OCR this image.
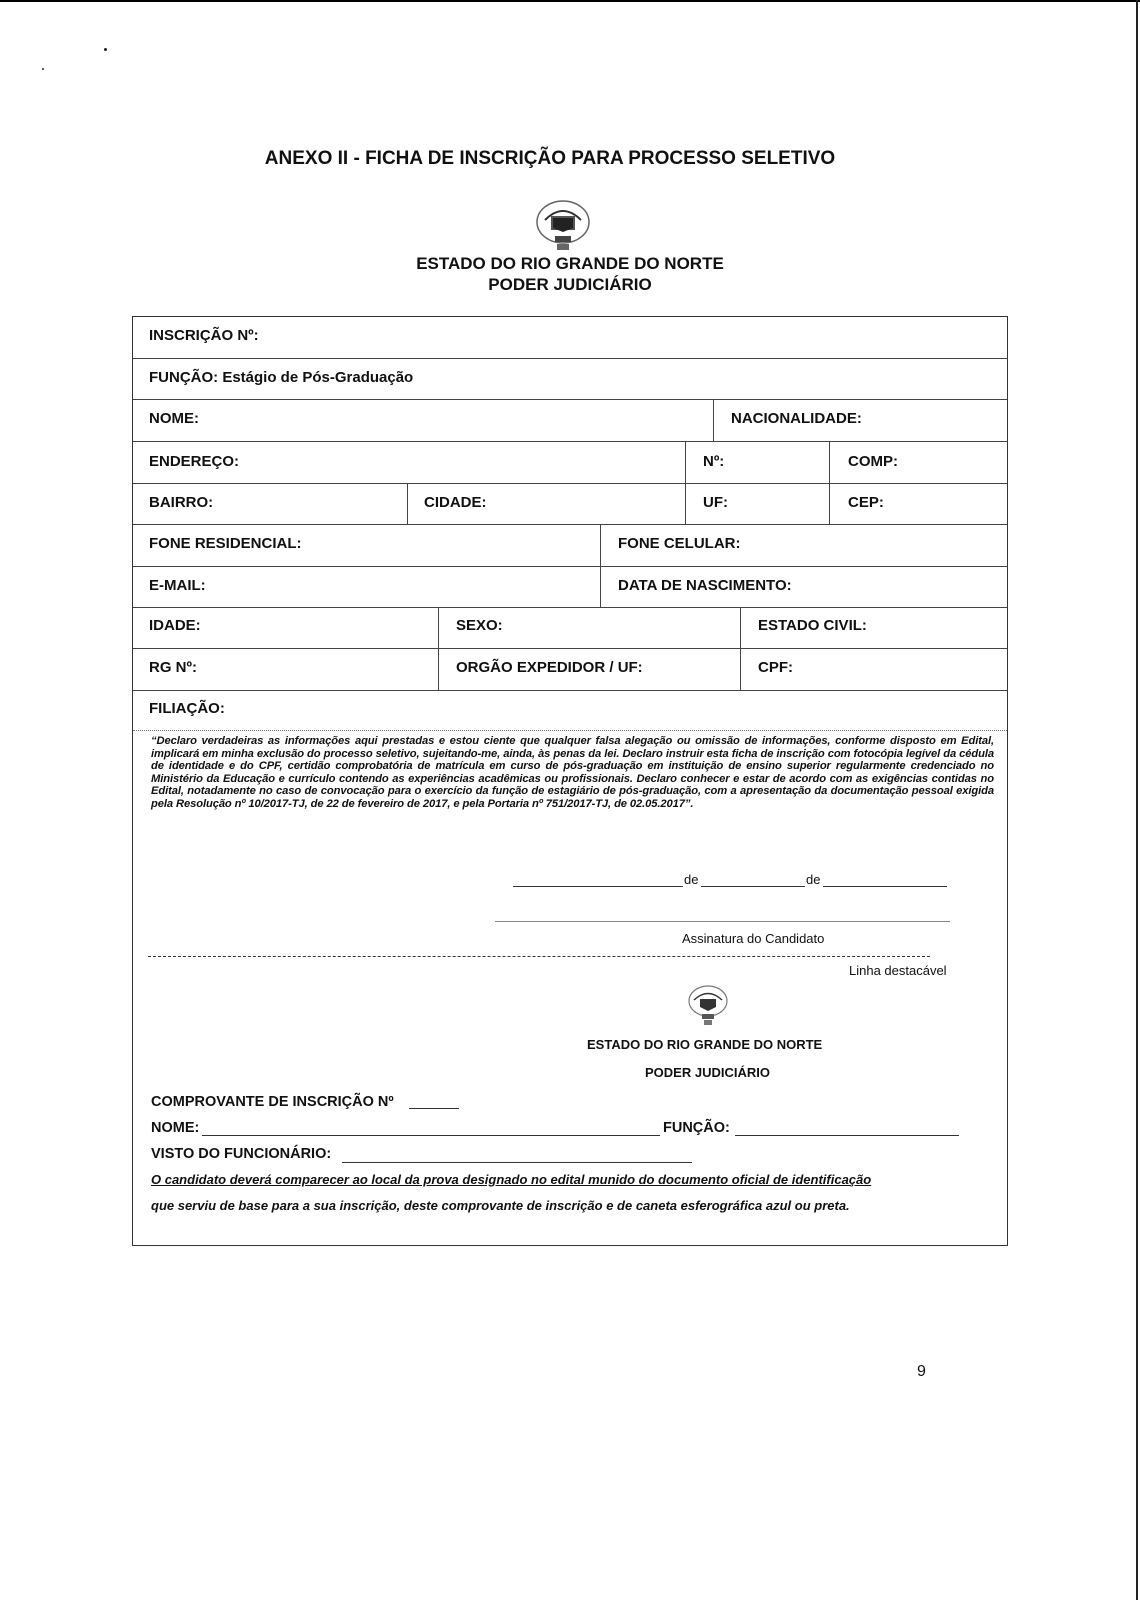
ANEXO II - FICHA DE INSCRIÇÃO PARA PROCESSO SELETIVO
ESTADO DO RIO GRANDE DO NORTE
PODER JUDICIÁRIO
INSCRIÇÃO Nº:
FUNÇÃO: Estágio de Pós-Graduação
NOME:	NACIONALIDADE:
ENDEREÇO:	Nº:	COMP:
BAIRRO:	CIDADE:	UF:	CEP:
FONE RESIDENCIAL:	FONE CELULAR:
E-MAIL:	DATA DE NASCIMENTO:
IDADE:	SEXO:	ESTADO CIVIL:
RG Nº:	ORGÃO EXPEDIDOR / UF:	CPF:
FILIAÇÃO:
“Declaro verdadeiras as informações aqui prestadas e estou ciente que qualquer falsa alegação ou omissão de informações, conforme disposto em Edital, implicará em minha exclusão do processo seletivo, sujeitando-me, ainda, às penas da lei. Declaro instruir esta ficha de inscrição com fotocópia legível da cédula de identidade e do CPF, certidão comprobatória de matrícula em curso de pós-graduação em instituição de ensino superior regularmente credenciado no Ministério da Educação e currículo contendo as experiências acadêmicas ou profissionais. Declaro conhecer e estar de acordo com as exigências contidas no Edital, notadamente no caso de convocação para o exercício da função de estagiário de pós-graduação, com a apresentação da documentação pessoal exigida pela Resolução nº 10/2017-TJ, de 22 de fevereiro de 2017, e pela Portaria nº 751/2017-TJ, de 02.05.2017”.
de	de
Assinatura do Candidato
Linha destacável
ESTADO DO RIO GRANDE DO NORTE
PODER JUDICIÁRIO
COMPROVANTE DE INSCRIÇÃO Nº
NOME:	FUNÇÃO:
VISTO DO FUNCIONÁRIO:
O candidato deverá comparecer ao local da prova designado no edital munido do documento oficial de identificação
que serviu de base para a sua inscrição, deste comprovante de inscrição e de caneta esferográfica azul ou preta.
9
